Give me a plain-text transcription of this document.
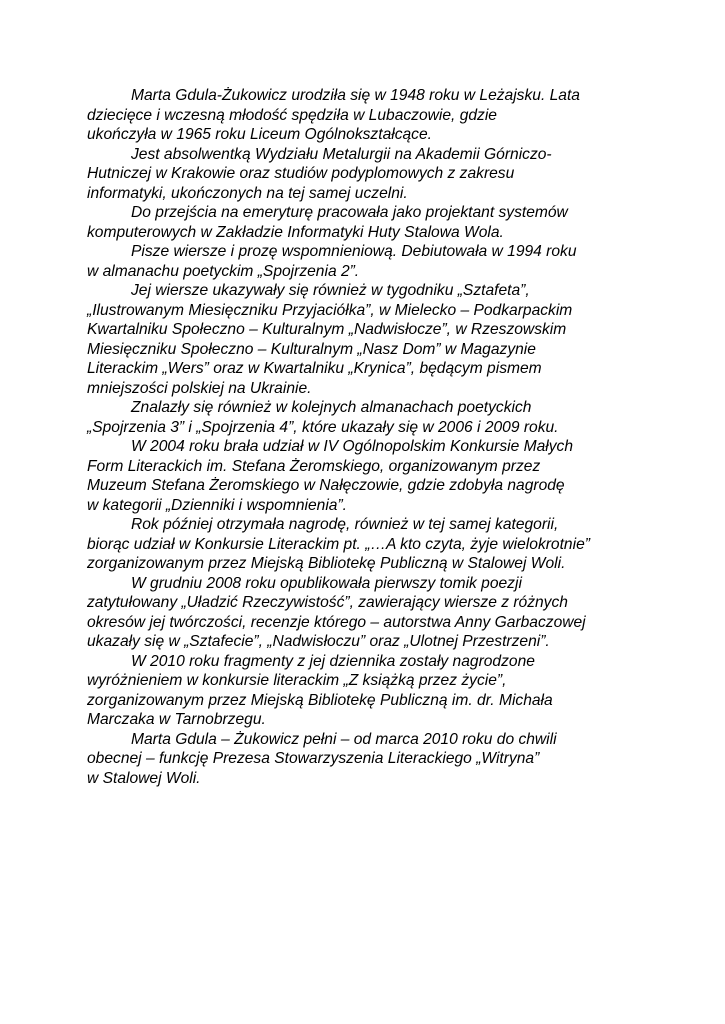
Marta Gdula-Żukowicz urodziła się w 1948 roku w Leżajsku. Lata
dziecięce i wczesną młodość spędziła w Lubaczowie, gdzie
ukończyła w 1965 roku Liceum Ogólnokształcące.
Jest absolwentką Wydziału Metalurgii na Akademii Górniczo-
Hutniczej w Krakowie oraz studiów podyplomowych z zakresu
informatyki, ukończonych na tej samej uczelni.
Do przejścia na emeryturę pracowała jako projektant systemów
komputerowych w Zakładzie Informatyki Huty Stalowa Wola.
Pisze wiersze i prozę wspomnieniową. Debiutowała w 1994 roku
w almanachu poetyckim „Spojrzenia 2”.
Jej wiersze ukazywały się również w tygodniku „Sztafeta”,
„Ilustrowanym Miesięczniku Przyjaciółka”, w Mielecko – Podkarpackim
Kwartalniku Społeczno – Kulturalnym „Nadwisłocze”, w Rzeszowskim
Miesięczniku Społeczno – Kulturalnym „Nasz Dom” w Magazynie
Literackim „Wers” oraz w Kwartalniku „Krynica”, będącym pismem
mniejszości polskiej na Ukrainie.
Znalazły się również w kolejnych almanachach poetyckich
„Spojrzenia 3” i „Spojrzenia 4”, które ukazały się w 2006 i 2009 roku.
W 2004 roku brała udział w IV Ogólnopolskim Konkursie Małych
Form Literackich im. Stefana Żeromskiego, organizowanym przez
Muzeum Stefana Żeromskiego w Nałęczowie, gdzie zdobyła nagrodę
w kategorii „Dzienniki i wspomnienia”.
Rok później otrzymała nagrodę, również w tej samej kategorii,
biorąc udział w Konkursie Literackim pt. „…A kto czyta, żyje wielokrotnie”
zorganizowanym przez Miejską Bibliotekę Publiczną w Stalowej Woli.
W grudniu 2008 roku opublikowała pierwszy tomik poezji
zatytułowany „Uładzić Rzeczywistość”, zawierający wiersze z różnych
okresów jej twórczości, recenzje którego – autorstwa Anny Garbaczowej
ukazały się w „Sztafecie”, „Nadwisłoczu” oraz „Ulotnej Przestrzeni”.
W 2010 roku fragmenty z jej dziennika zostały nagrodzone
wyróżnieniem w konkursie literackim „Z książką przez życie”,
zorganizowanym przez Miejską Bibliotekę Publiczną im. dr. Michała
Marczaka w Tarnobrzegu.
Marta Gdula – Żukowicz pełni – od marca 2010 roku do chwili
obecnej – funkcję Prezesa Stowarzyszenia Literackiego „Witryna”
w Stalowej Woli.
